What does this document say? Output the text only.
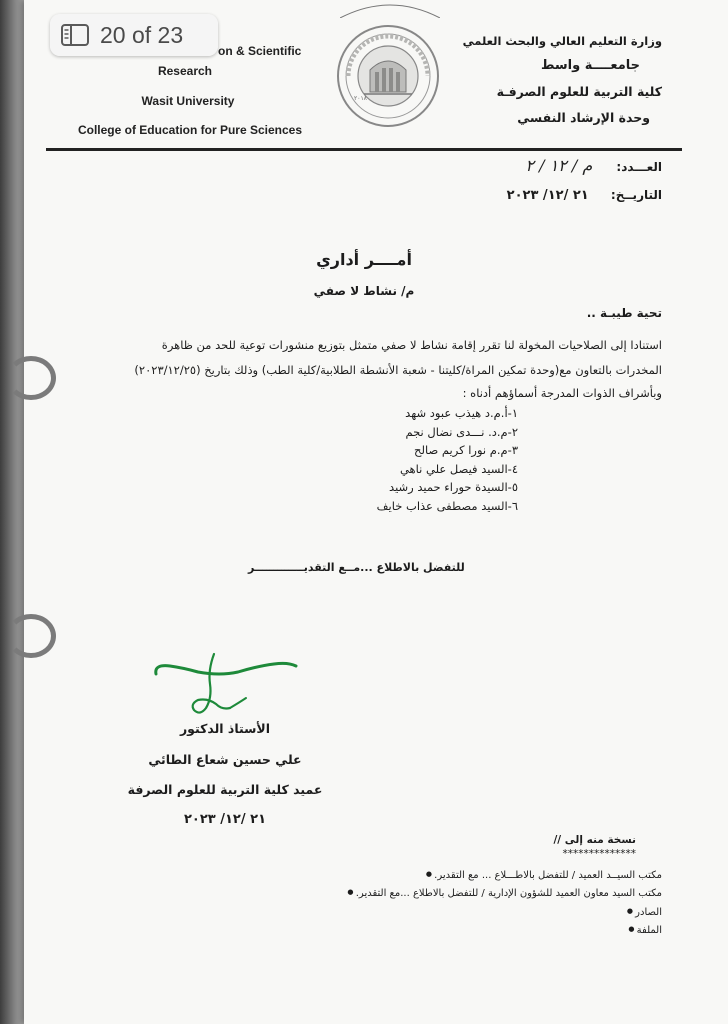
20 of 23
on & Scientific
Research
Wasit University
College of Education for Pure Sciences
٢٠١٨
وزارة التعليم العالي والبحث العلمي
جامعــــة واسط
كلية التربية للعلوم الصرفـة
وحدة الإرشاد النفسي
العـــدد: م / ١٢ / ٢
التاريــخ: ٢١ /١٢/ ٢٠٢٣
أمــــر أداري
م/ نشاط لا صفي
تحية طيبـة ..
استنادا إلى الصلاحيات المخولة لنا تقرر إقامة نشاط لا صفي متمثل بتوزيع منشورات توعية للحد من ظاهرة
المخدرات بالتعاون مع(وحدة تمكين المراة/كليتنا - شعبة الأنشطة الطلابية/كلية الطب) وذلك بتاريخ (٢٠٢٣/١٢/٢٥)
وبأشراف الذوات المدرجة أسماؤهم أدناه :
١-أ.م.د هيذب عبود شهد
٢-م.د. نـــدى نضال نجم
٣-م.م نورا كريم صالح
٤-السيد فيصل علي ناهي
٥-السيدة حوراء حميد رشيد
٦-السيد مصطفى عذاب خايف
للتفضل بالاطلاع ...مــع التقديـــــــــــــر
الأستاذ الدكتور
علي حسين شعاع الطائي
عميد كلية التربية للعلوم الصرفة
٢١ /١٢/ ٢٠٢٣
نسخة منه إلى //
**************
مكتب السيــد العميد / للتفضل بالاطـــلاع ... مع التقدير. ●
مكتب السيد معاون العميد للشؤون الإدارية / للتفضل بالاطلاع ...مع التقدير. ●
الصادر ●
الملفة ●
